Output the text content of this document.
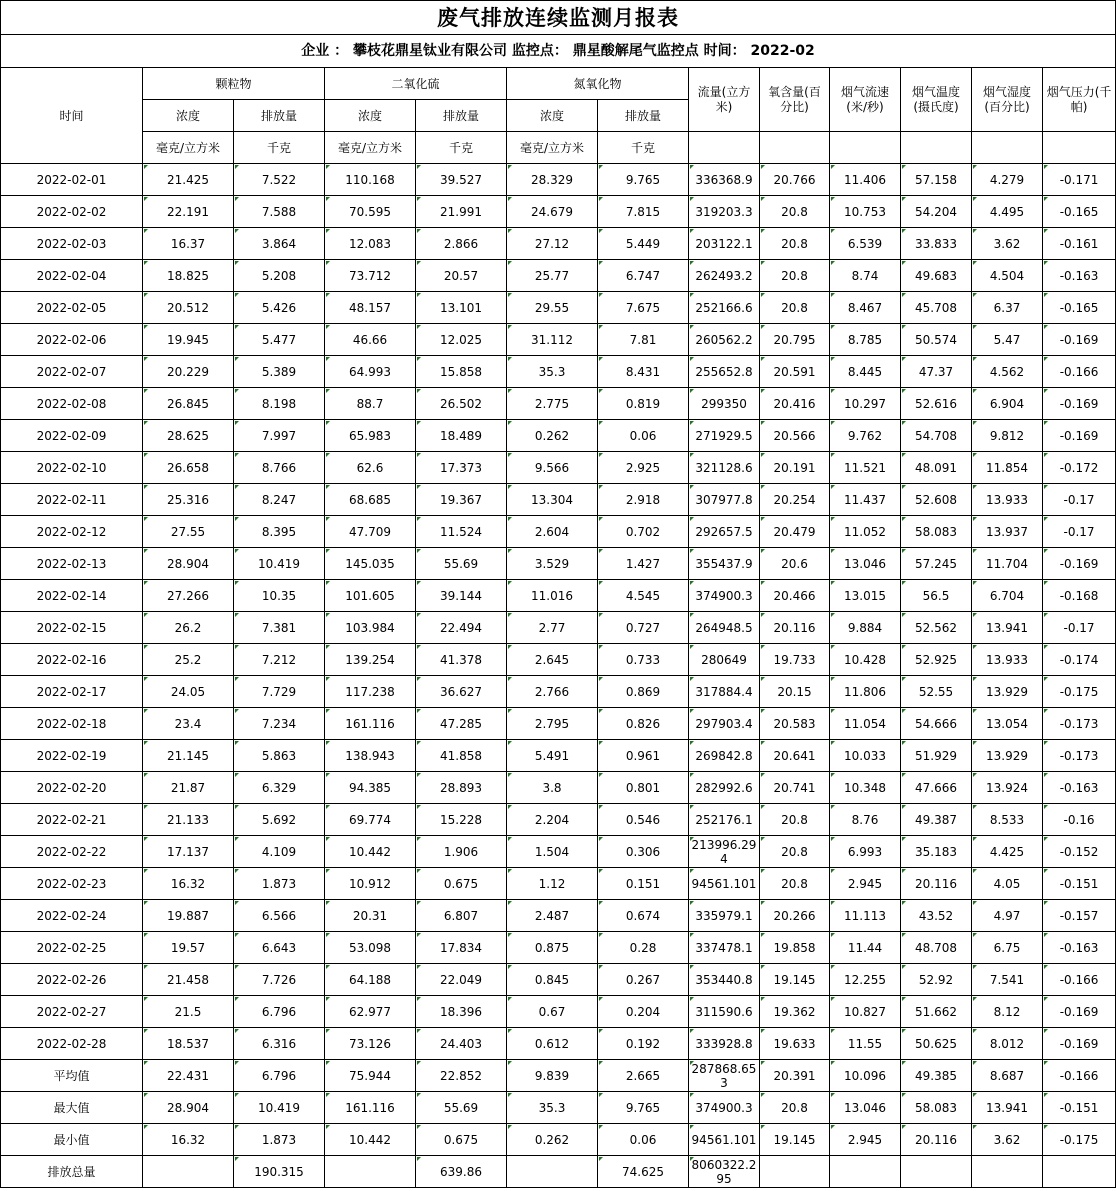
废气排放连续监测月报表												
企业 ： 攀枝花鼎星钛业有限公司 监控点： 鼎星酸解尾气监控点 时间： 2022-02												
时间	颗粒物		二氧化硫		氮氧化物		流量(立方米)	氧含量(百分比)	烟气流速(米/秒)	烟气温度(摄氏度)	烟气湿度(百分比)	烟气压力(千帕)
	浓度	排放量	浓度	排放量	浓度	排放量						
	毫克/立方米	千克	毫克/立方米	千克	毫克/立方米	千克						
2022-02-01	21.425	7.522	110.168	39.527	28.329	9.765	336368.9	20.766	11.406	57.158	4.279	-0.171
2022-02-02	22.191	7.588	70.595	21.991	24.679	7.815	319203.3	20.8	10.753	54.204	4.495	-0.165
2022-02-03	16.37	3.864	12.083	2.866	27.12	5.449	203122.1	20.8	6.539	33.833	3.62	-0.161
2022-02-04	18.825	5.208	73.712	20.57	25.77	6.747	262493.2	20.8	8.74	49.683	4.504	-0.163
2022-02-05	20.512	5.426	48.157	13.101	29.55	7.675	252166.6	20.8	8.467	45.708	6.37	-0.165
2022-02-06	19.945	5.477	46.66	12.025	31.112	7.81	260562.2	20.795	8.785	50.574	5.47	-0.169
2022-02-07	20.229	5.389	64.993	15.858	35.3	8.431	255652.8	20.591	8.445	47.37	4.562	-0.166
2022-02-08	26.845	8.198	88.7	26.502	2.775	0.819	299350	20.416	10.297	52.616	6.904	-0.169
2022-02-09	28.625	7.997	65.983	18.489	0.262	0.06	271929.5	20.566	9.762	54.708	9.812	-0.169
2022-02-10	26.658	8.766	62.6	17.373	9.566	2.925	321128.6	20.191	11.521	48.091	11.854	-0.172
2022-02-11	25.316	8.247	68.685	19.367	13.304	2.918	307977.8	20.254	11.437	52.608	13.933	-0.17
2022-02-12	27.55	8.395	47.709	11.524	2.604	0.702	292657.5	20.479	11.052	58.083	13.937	-0.17
2022-02-13	28.904	10.419	145.035	55.69	3.529	1.427	355437.9	20.6	13.046	57.245	11.704	-0.169
2022-02-14	27.266	10.35	101.605	39.144	11.016	4.545	374900.3	20.466	13.015	56.5	6.704	-0.168
2022-02-15	26.2	7.381	103.984	22.494	2.77	0.727	264948.5	20.116	9.884	52.562	13.941	-0.17
2022-02-16	25.2	7.212	139.254	41.378	2.645	0.733	280649	19.733	10.428	52.925	13.933	-0.174
2022-02-17	24.05	7.729	117.238	36.627	2.766	0.869	317884.4	20.15	11.806	52.55	13.929	-0.175
2022-02-18	23.4	7.234	161.116	47.285	2.795	0.826	297903.4	20.583	11.054	54.666	13.054	-0.173
2022-02-19	21.145	5.863	138.943	41.858	5.491	0.961	269842.8	20.641	10.033	51.929	13.929	-0.173
2022-02-20	21.87	6.329	94.385	28.893	3.8	0.801	282992.6	20.741	10.348	47.666	13.924	-0.163
2022-02-21	21.133	5.692	69.774	15.228	2.204	0.546	252176.1	20.8	8.76	49.387	8.533	-0.16
2022-02-22	17.137	4.109	10.442	1.906	1.504	0.306	213996.294	20.8	6.993	35.183	4.425	-0.152
2022-02-23	16.32	1.873	10.912	0.675	1.12	0.151	94561.101	20.8	2.945	20.116	4.05	-0.151
2022-02-24	19.887	6.566	20.31	6.807	2.487	0.674	335979.1	20.266	11.113	43.52	4.97	-0.157
2022-02-25	19.57	6.643	53.098	17.834	0.875	0.28	337478.1	19.858	11.44	48.708	6.75	-0.163
2022-02-26	21.458	7.726	64.188	22.049	0.845	0.267	353440.8	19.145	12.255	52.92	7.541	-0.166
2022-02-27	21.5	6.796	62.977	18.396	0.67	0.204	311590.6	19.362	10.827	51.662	8.12	-0.169
2022-02-28	18.537	6.316	73.126	24.403	0.612	0.192	333928.8	19.633	11.55	50.625	8.012	-0.169
平均值	22.431	6.796	75.944	22.852	9.839	2.665	287868.653	20.391	10.096	49.385	8.687	-0.166
最大值	28.904	10.419	161.116	55.69	35.3	9.765	374900.3	20.8	13.046	58.083	13.941	-0.151
最小值	16.32	1.873	10.442	0.675	0.262	0.06	94561.101	19.145	2.945	20.116	3.62	-0.175
排放总量		190.315		639.86		74.625	8060322.295					
